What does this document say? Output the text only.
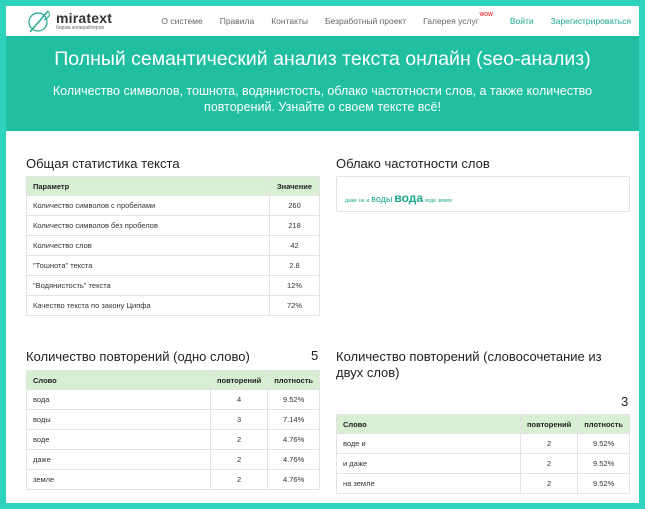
miratext
биржа копирайтеров
О системе Правила Контакты Безработный проект Галерея услуг
WOW
Войти Зарегистрироваться
Полный семантический анализ текста онлайн (seo-анализ)

Количество символов, тошнота, водянистость, облако частотности слов, а также количество повторений. Узнайте о своем тексте всё!

Общая статистика текста
Параметр	Значение
Количество символов с пробелами	260
Количество символов без пробелов	218
Количество слов	42
"Тошнота" текста	2.8
"Водянистость" текста	12%
Качество текста по закону Ципфа	72%
Облако частотности слов
даже на и воды вода воде земле
Количество повторений (одно слово)	5
Слово	повторений	плотность
вода	4	9.52%
воды	3	7.14%
воде	2	4.76%
даже	2	4.76%
земле	2	4.76%
Количество повторений (словосочетание из двух слов)
3
Слово	повторений	плотность
воде и	2	9.52%
и даже	2	9.52%
на земле	2	9.52%
